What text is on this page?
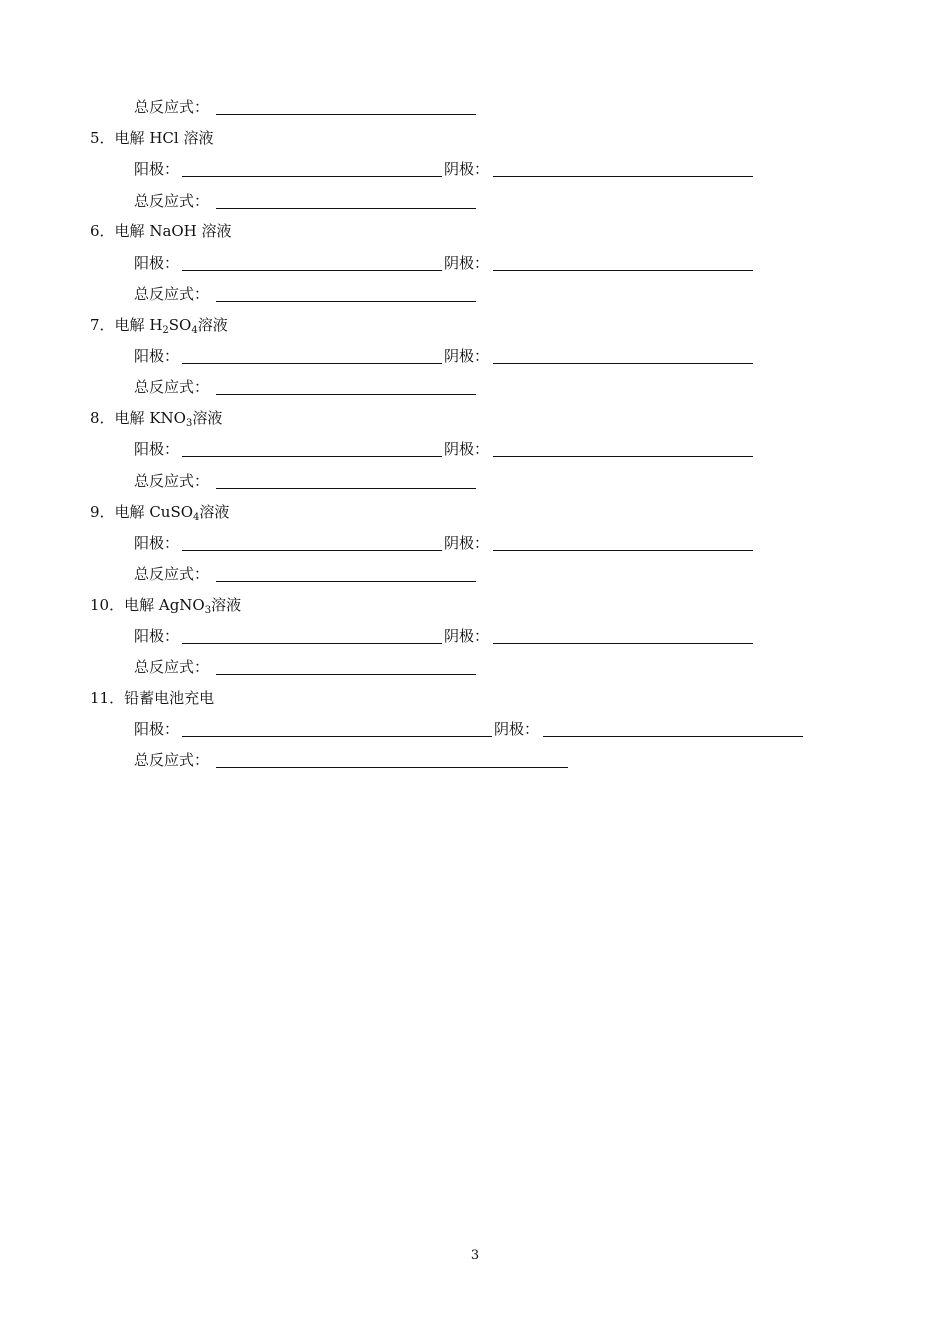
总反应式：
5．电解 HCl 溶液
阳极：	阴极：
总反应式：
6．电解 NaOH 溶液
阳极：	阴极：
总反应式：
7．电解 $H_2SO_4$溶液
阳极：	阴极：
总反应式：
8．电解 $KNO_3$溶液
阳极：	阴极：
总反应式：
9．电解 CuSO$_4$溶液
阳极：	阴极：
总反应式：
10．电解 AgNO$_3$溶液
阳极：	阴极：
总反应式：
11．铅蓄电池充电
阳极：	阴极：
总反应式：
3
